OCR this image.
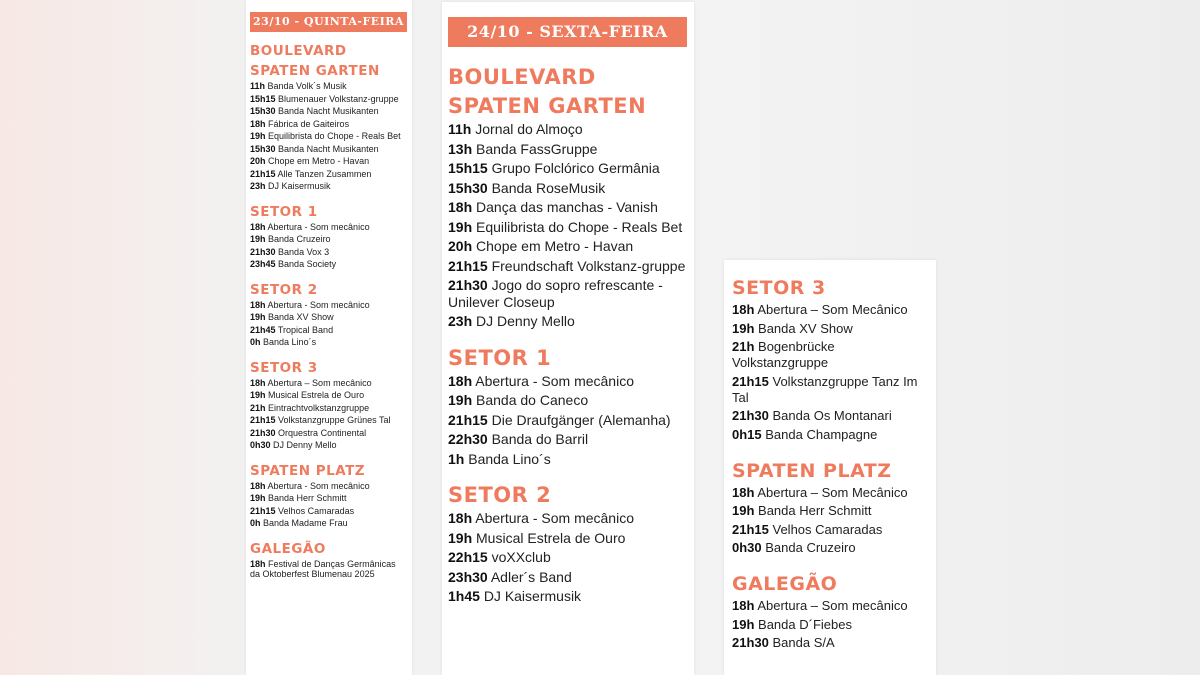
23/10 - QUINTA-FEIRA
BOULEVARD
SPATEN GARTEN
11h Banda Volk´s Musik
15h15 Blumenauer Volkstanz-gruppe
15h30 Banda Nacht Musikanten
18h Fábrica de Gaiteiros
19h Equilibrista do Chope - Reals Bet
15h30 Banda Nacht Musikanten
20h Chope em Metro - Havan
21h15 Alle Tanzen Zusammen
23h DJ Kaisermusik
SETOR 1
18h Abertura - Som mecânico
19h Banda Cruzeiro
21h30 Banda Vox 3
23h45 Banda Society
SETOR 2
18h Abertura - Som mecânico
19h Banda XV Show
21h45 Tropical Band
0h Banda Lino´s
SETOR 3
18h Abertura – Som mecânico
19h Musical Estrela de Ouro
21h Eintrachtvolkstanzgruppe
21h15 Volkstanzgruppe Grünes Tal
21h30 Orquestra Continental
0h30 DJ Denny Mello
SPATEN PLATZ
18h Abertura - Som mecânico
19h Banda Herr Schmitt
21h15 Velhos Camaradas
0h Banda Madame Frau
GALEGÃO
18h Festival de Danças Germânicas da Oktoberfest Blumenau 2025
24/10 - SEXTA-FEIRA
BOULEVARD
SPATEN GARTEN
11h Jornal do Almoço
13h Banda FassGruppe
15h15 Grupo Folclórico Germânia
15h30 Banda RoseMusik
18h Dança das manchas - Vanish
19h Equilibrista do Chope - Reals Bet
20h Chope em Metro - Havan
21h15 Freundschaft Volkstanz-gruppe
21h30 Jogo do sopro refrescante - Unilever Closeup
23h DJ Denny Mello
SETOR 1
18h Abertura - Som mecânico
19h Banda do Caneco
21h15 Die Draufgänger (Alemanha)
22h30 Banda do Barril
1h Banda Lino´s
SETOR 2
18h Abertura - Som mecânico
19h Musical Estrela de Ouro
22h15 voXXclub
23h30 Adler´s Band
1h45 DJ Kaisermusik
SETOR 3
18h Abertura – Som Mecânico
19h Banda XV Show
21h Bogenbrücke Volkstanzgruppe
21h15 Volkstanzgruppe Tanz Im Tal
21h30 Banda Os Montanari
0h15 Banda Champagne
SPATEN PLATZ
18h Abertura – Som Mecânico
19h Banda Herr Schmitt
21h15 Velhos Camaradas
0h30 Banda Cruzeiro
GALEGÃO
18h Abertura – Som mecânico
19h Banda D´Fiebes
21h30 Banda S/A
